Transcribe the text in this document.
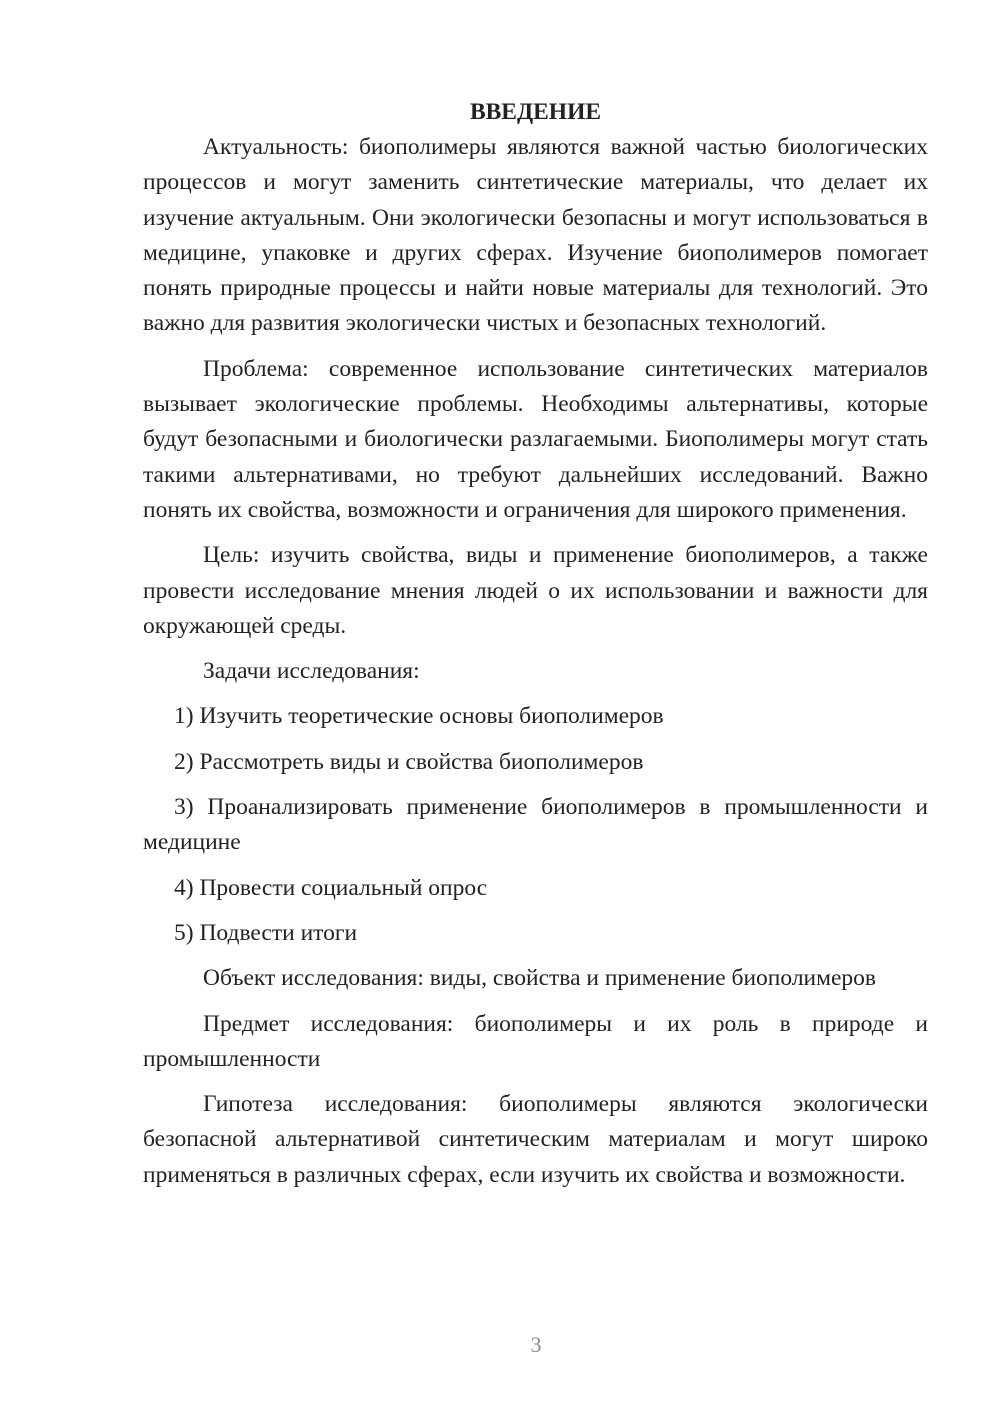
ВВЕДЕНИЕ

Актуальность: биополимеры являются важной частью биологических процессов и могут заменить синтетические материалы, что делает их изучение актуальным. Они экологически безопасны и могут использоваться в медицине, упаковке и других сферах. Изучение биополимеров помогает понять природные процессы и найти новые материалы для технологий. Это важно для развития экологически чистых и безопасных технологий.

Проблема: современное использование синтетических материалов вызывает экологические проблемы. Необходимы альтернативы, которые будут безопасными и биологически разлагаемыми. Биополимеры могут стать такими альтернативами, но требуют дальнейших исследований. Важно понять их свойства, возможности и ограничения для широкого применения.

Цель: изучить свойства, виды и применение биополимеров, а также провести исследование мнения людей о их использовании и важности для окружающей среды.

Задачи исследования:

1) Изучить теоретические основы биополимеров
2) Рассмотреть виды и свойства биополимеров
3) Проанализировать применение биополимеров в промышленности и медицине
4) Провести социальный опрос
5) Подвести итоги

Объект исследования: виды, свойства и применение биополимеров

Предмет исследования: биополимеры и их роль в природе и промышленности

Гипотеза исследования: биополимеры являются экологически безопасной альтернативой синтетическим материалам и могут широко применяться в различных сферах, если изучить их свойства и возможности.

3
